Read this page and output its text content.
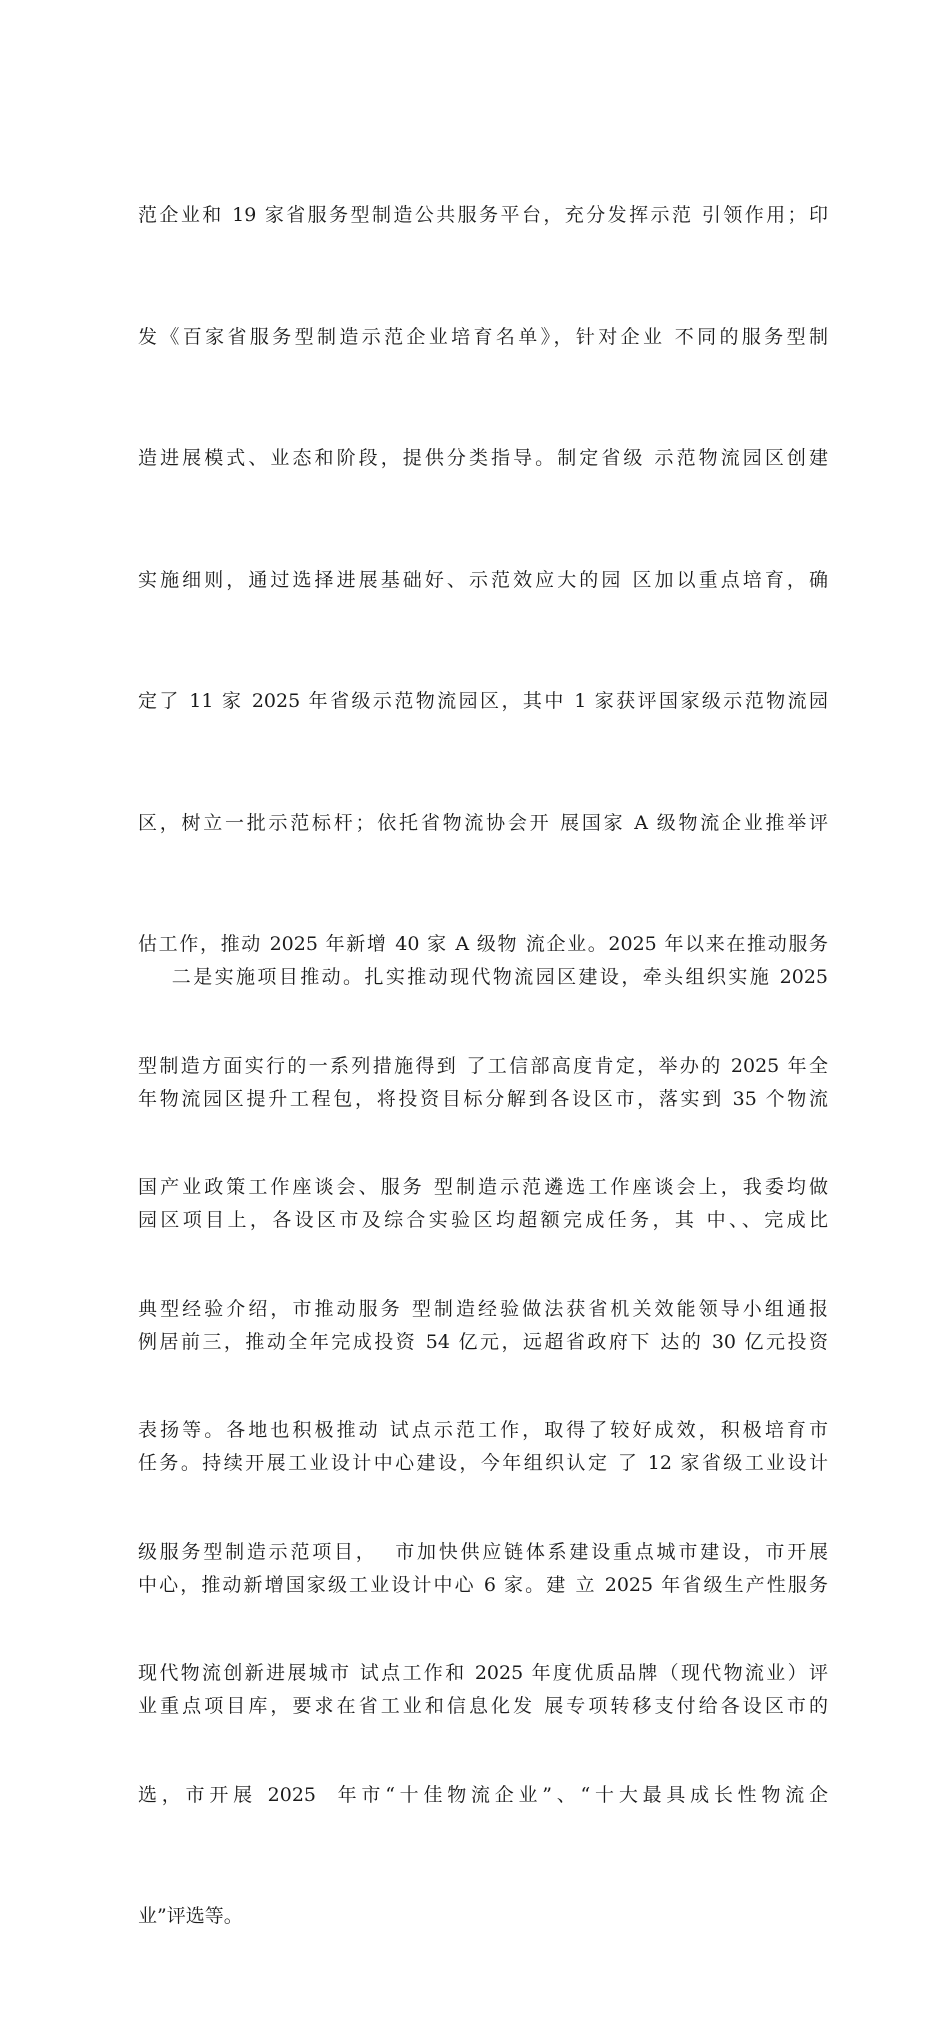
范企业和 19 家省服务型制造公共服务平台，充分发挥示范 引领作用；印

发《百家省服务型制造示范企业培育名单》，针对企业 不同的服务型制

造进展模式、业态和阶段，提供分类指导。制定省级 示范物流园区创建

实施细则，通过选择进展基础好、示范效应大的园 区加以重点培育，确

定了 11 家 2025 年省级示范物流园区，其中 1 家获评国家级示范物流园

区，树立一批示范标杆；依托省物流协会开 展国家 A 级物流企业推举评

估工作，推动 2025 年新增 40 家 A 级物 流企业。2025 年以来在推动服务

型制造方面实行的一系列措施得到 了工信部高度肯定，举办的 2025 年全

国产业政策工作座谈会、服务 型制造示范遴选工作座谈会上，我委均做

典型经验介绍，市推动服务 型制造经验做法获省机关效能领导小组通报

表扬等。各地也积极推动 试点示范工作，取得了较好成效，积极培育市

级服务型制造示范项目，  市加快供应链体系建设重点城市建设，市开展

现代物流创新进展城市 试点工作和 2025 年度优质品牌（现代物流业）评

选，市开展 2025  年市“十佳物流企业”、“十大最具成长性物流企

业”评选等。

二是实施项目推动。扎实推动现代物流园区建设，牵头组织实施 2025

年物流园区提升工程包，将投资目标分解到各设区市，落实到 35 个物流

园区项目上，各设区市及综合实验区均超额完成任务，其 中、、完成比

例居前三，推动全年完成投资 54 亿元，远超省政府下 达的 30 亿元投资

任务。持续开展工业设计中心建设，今年组织认定 了 12 家省级工业设计

中心，推动新增国家级工业设计中心 6 家。建 立 2025 年省级生产性服务

业重点项目库，要求在省工业和信息化发 展专项转移支付给各设区市的
